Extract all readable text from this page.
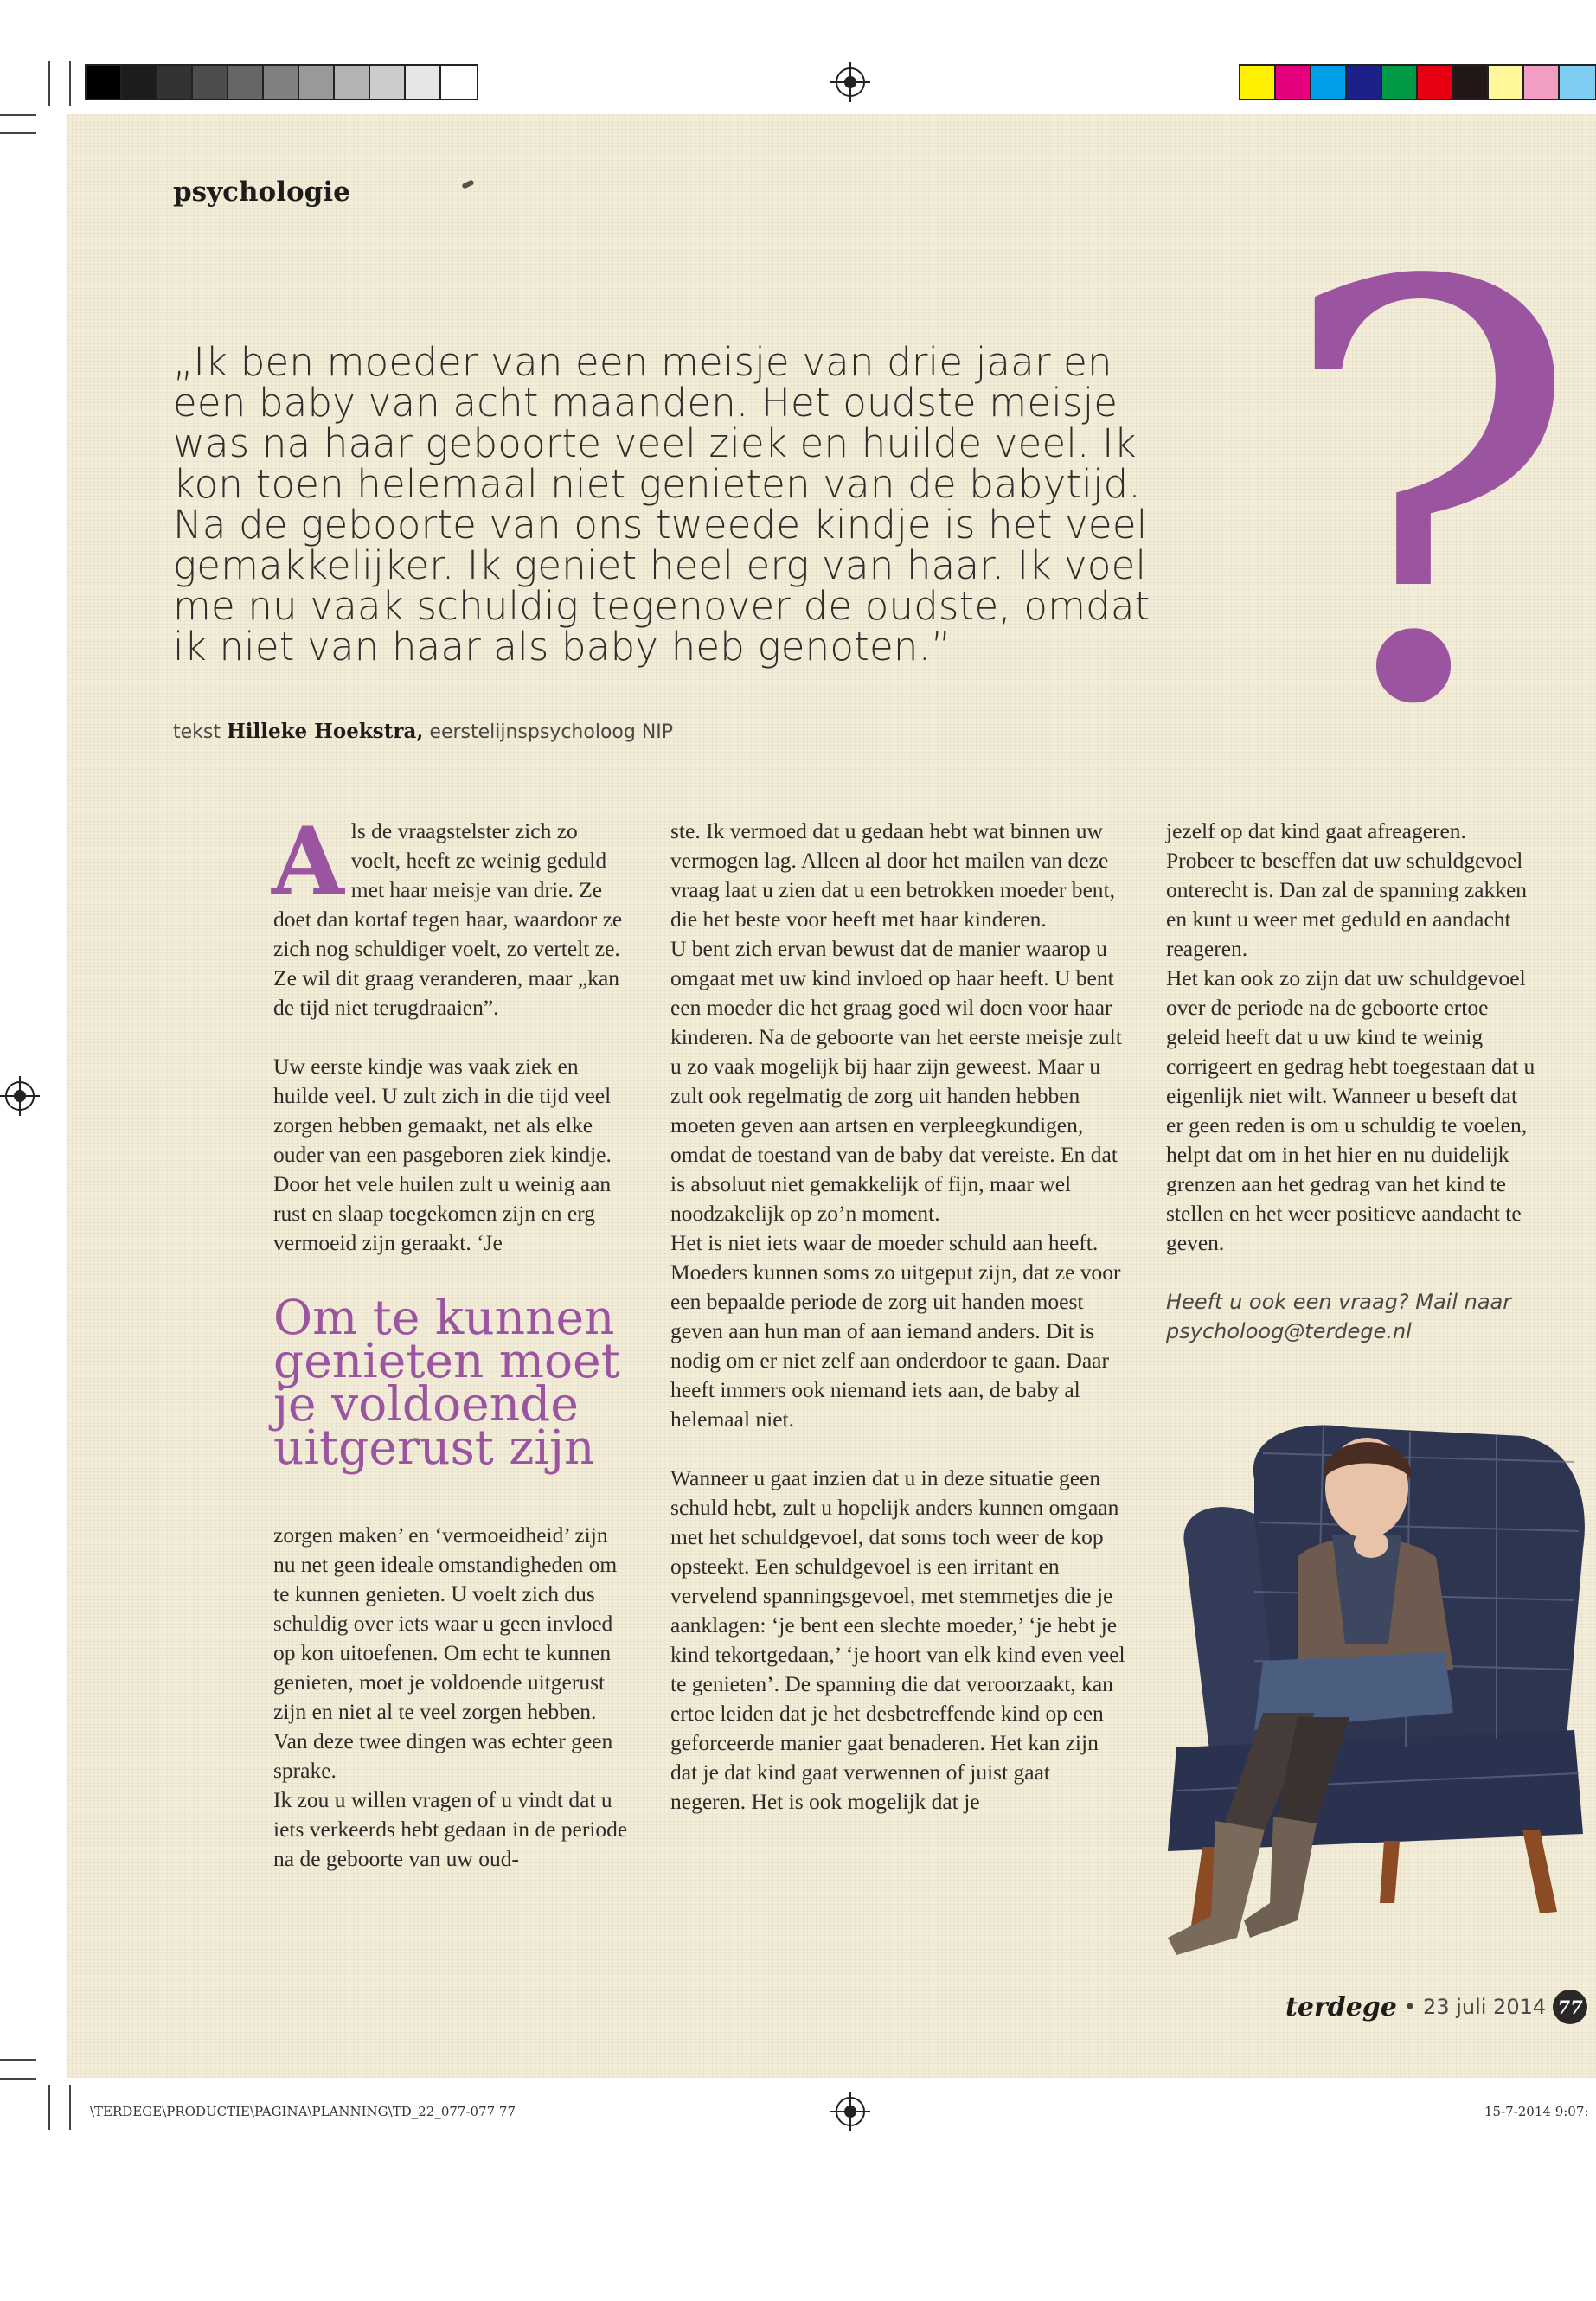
psychologie
„Ik ben moeder van een meisje van drie jaar en een baby van acht maanden. Het oudste meisje was na haar geboorte veel ziek en huilde veel. Ik kon toen helemaal niet genieten van de babytijd. Na de geboorte van ons tweede kindje is het veel gemakkelijker. Ik geniet heel erg van haar. Ik voel me nu vaak schuldig tegenover de oudste, omdat ik niet van haar als baby heb genoten.” ?
tekst Hilleke Hoekstra, eerstelijnspsycholoog NIP

Als de vraagstelster zich zo voelt, heeft ze weinig geduld met haar meisje van drie. Ze doet dan kortaf tegen haar, waardoor ze zich nog schuldiger voelt, zo vertelt ze. Ze wil dit graag veranderen, maar „kan de tijd niet terugdraaien”.

Uw eerste kindje was vaak ziek en huilde veel. U zult zich in die tijd veel zorgen hebben gemaakt, net als elke ouder van een pasgeboren ziek kindje. Door het vele huilen zult u weinig aan rust en slaap toegekomen zijn en erg vermoeid zijn geraakt. ‘Je

Om te kunnen genieten moet je voldoende uitgerust zijn

zorgen maken’ en ‘vermoeidheid’ zijn nu net geen ideale omstandigheden om te kunnen genieten. U voelt zich dus schuldig over iets waar u geen invloed op kon uitoefenen. Om echt te kunnen genieten, moet je voldoende uitgerust zijn en niet al te veel zorgen hebben. Van deze twee dingen was echter geen sprake.

Ik zou u willen vragen of u vindt dat u iets verkeerds hebt gedaan in de periode na de geboorte van uw oud-

ste. Ik vermoed dat u gedaan hebt wat binnen uw vermogen lag. Alleen al door het mailen van deze vraag laat u zien dat u een betrokken moeder bent, die het beste voor heeft met haar kinderen.

U bent zich ervan bewust dat de manier waarop u omgaat met uw kind invloed op haar heeft. U bent een moeder die het graag goed wil doen voor haar kinderen. Na de geboorte van het eerste meisje zult u zo vaak mogelijk bij haar zijn geweest. Maar u zult ook regelmatig de zorg uit handen hebben moeten geven aan artsen en verpleegkundigen, omdat de toestand van de baby dat vereiste. En dat is absoluut niet gemakkelijk of fijn, maar wel noodzakelijk op zo’n moment.

Het is niet iets waar de moeder schuld aan heeft. Moeders kunnen soms zo uitgeput zijn, dat ze voor een bepaalde periode de zorg uit handen moest geven aan hun man of aan iemand anders. Dit is nodig om er niet zelf aan onderdoor te gaan. Daar heeft immers ook niemand iets aan, de baby al helemaal niet.

Wanneer u gaat inzien dat u in deze situatie geen schuld hebt, zult u hopelijk anders kunnen omgaan met het schuldgevoel, dat soms toch weer de kop opsteekt. Een schuldgevoel is een irritant en vervelend spanningsgevoel, met stemmetjes die je aanklagen: ‘je bent een slechte moeder,’ ‘je hebt je kind tekortgedaan,’ ‘je hoort van elk kind even veel te genieten’. De spanning die dat veroorzaakt, kan ertoe leiden dat je het desbetreffende kind op een geforceerde manier gaat benaderen. Het kan zijn dat je dat kind gaat verwennen of juist gaat negeren. Het is ook mogelijk dat je

jezelf op dat kind gaat afreageren. Probeer te beseffen dat uw schuldgevoel onterecht is. Dan zal de spanning zakken en kunt u weer met geduld en aandacht reageren.

Het kan ook zo zijn dat uw schuldgevoel over de periode na de geboorte ertoe geleid heeft dat u uw kind te weinig corrigeert en gedrag hebt toegestaan dat u eigenlijk niet wilt. Wanneer u beseft dat er geen reden is om u schuldig te voelen, helpt dat om in het hier en nu duidelijk grenzen aan het gedrag van het kind te stellen en het weer positieve aandacht te geven.

Heeft u ook een vraag? Mail naar psycholoog@terdege.nl
terdege • 23 juli 2014 77
\TERDEGE\PRODUCTIE\PAGINA\PLANNING\TD_22_077-077 77	15-7-2014 9:07:
